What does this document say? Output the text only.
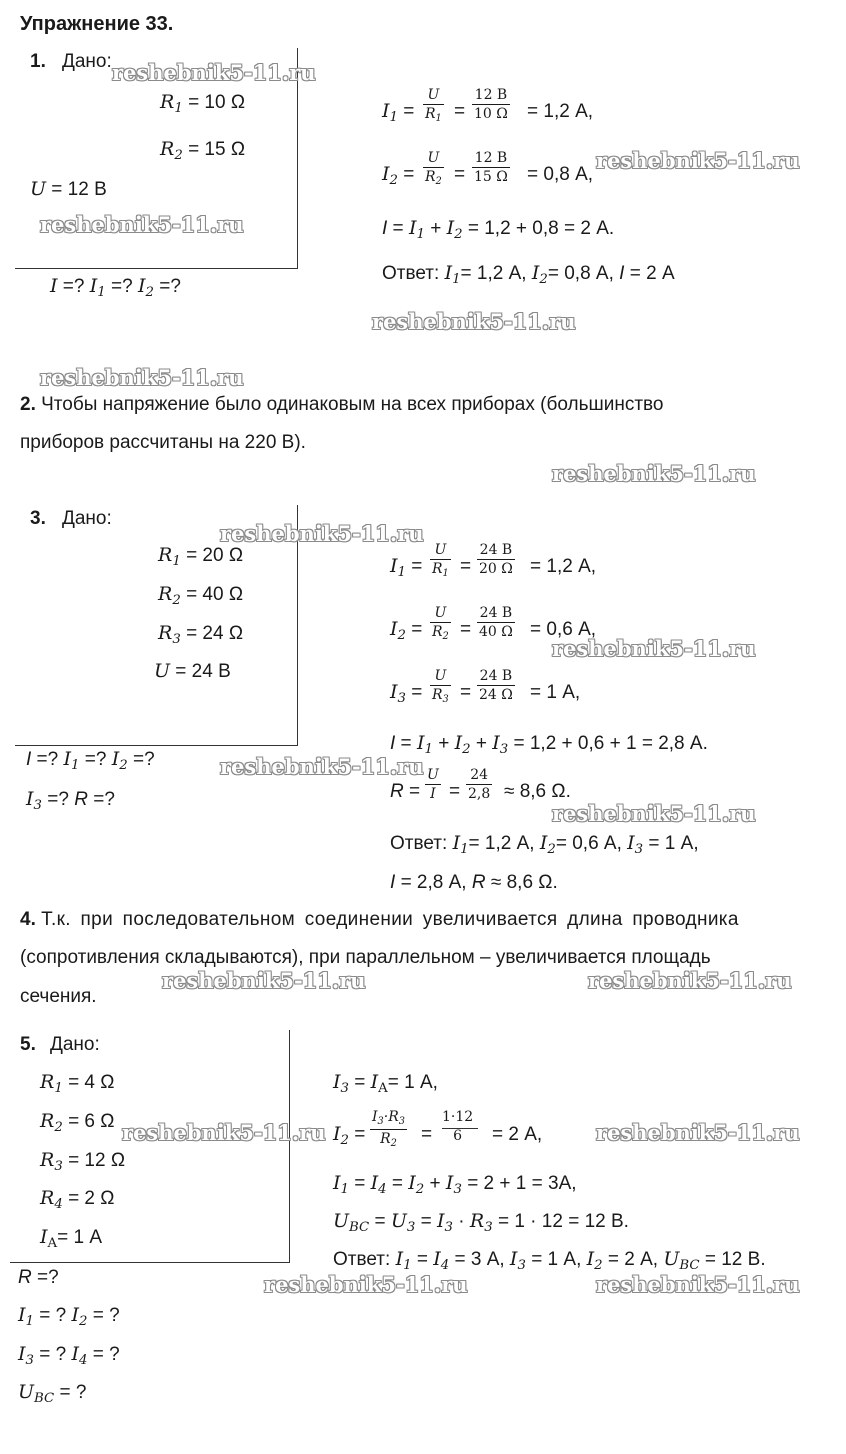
Упражнение 33.
1. Дано:
$R_1 = 10$ Ω
$R_2 = 15$ Ω
U = 12 В
I =? $I_1$ =? $I_2$ =?
$I_1$ =
U
$R_1$ =
12 В
10 Ω = 1,2 А,
$I_2$ =
U
$R_2$ =
12 В
15 Ω = 0,8 А,
$I = I_1 + I_2 = 1,2 + 0,8 = 2$ А.
Ответ: $I_1= 1,2$ А, $I_2= 0,8$ А, I = 2 А
2. Чтобы напряжение было одинаковым на всех приборах (большинство
приборов рассчитаны на 220 В).
3. Дано:
$R_1 = 20$ Ω
$R_2 = 40$ Ω
$R_3 = 24$ Ω
U = 24 В
I =? $I_1$ =? $I_2$ =?
$I_3$ =? R =?
$I_1$ =
U
$R_1$ =
24 В
20 Ω = 1,2 А,
$I_2$ =
U
$R_2$ =
24 В
40 Ω = 0,6 А,
$I_3$ =
U
$R_3$ =
24 В
24 Ω = 1 А,
$I = I_1 + I_2 + I_3 = 1,2 + 0,6 + 1 = 2,8$ А.
R =
U
I =
24
2,8 ≈ 8,6 Ω.
Ответ: $I_1= 1,2$ А, $I_2= 0,6$ А, $I_3 = 1$ А,
I = 2,8 А, R ≈ 8,6 Ω.
4. Т.к. при последовательном соединении увеличивается длина проводника
(сопротивления складываются), при параллельном – увеличивается площадь
сечения.
5. Дано:
$R_1 = 4$ Ω
$R_2 = 6$ Ω
$R_3 = 12$ Ω
$R_4 = 2$ Ω
$I_A= 1$ А
R =?
$I_1$ = ? $I_2$ = ?
$I_3$ = ? $I_4$ = ?
$U_{BC}$ = ?
$I_3 = I_A= 1$ А,
$I_2$ =
$I_3\cdot R_3$
$R_2$	=
1·12
6	= 2 А,
$I_1 = I_4 = I_2 + I_3 = 2 + 1 = 3А$,
$U_{BC} = U_3 = I_3 \cdot R_3 = 1 \cdot 12 = 12$ В.
Ответ: $I_1 = I_4 = 3$ А, $I_3 = 1$ А, $I_2 = 2$ А, $U_{BC} = 12$ В.
reshebnik5-11.ru
reshebnik5-11.ru
reshebnik5-11.ru
reshebnik5-11.ru
reshebnik5-11.ru
reshebnik5-11.ru
reshebnik5-11.ru
reshebnik5-11.ru
reshebnik5-11.ru
reshebnik5-11.ru
reshebnik5-11.ru	reshebnik5-11.ru
reshebnik5-11.ru	reshebnik5-11.ru
reshebnik5-11.ru	reshebnik5-11.ru
